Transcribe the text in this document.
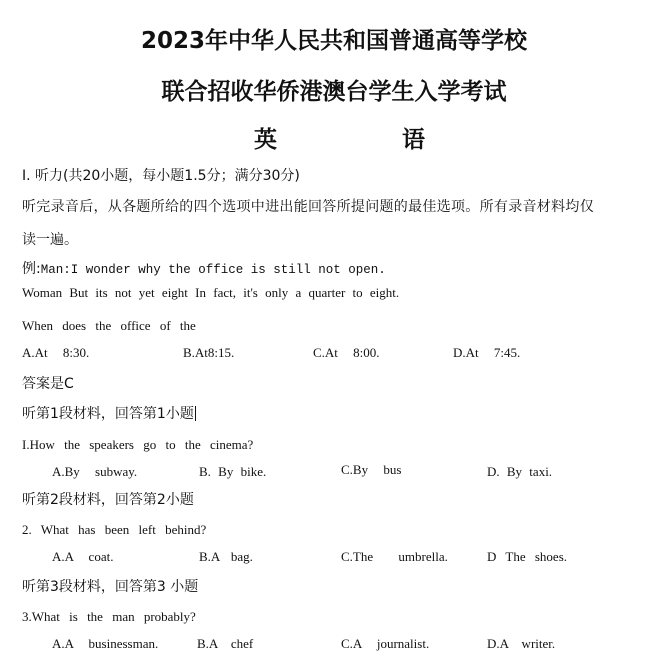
2023年中华人民共和国普通高等学校
联合招收华侨港澳台学生入学考试
英	语
I. 听力(共20小题，每小题1.5分；满分30分)
听完录音后，从各题所给的四个选项中进出能回答所提问题的最佳选项。所有录音材料均仅
读一遍。
例:Man:I wonder why the office is still not open.
Woman But its not yet eight In fact, it's only a quarter to eight.
When does the office of the
A.At 8:30.	B.At8:15.	C.At 8:00.	D.At 7:45.
答案是C
听第1段材料，回答第1小题
I.How the speakers go to the cinema?
A.By subway.	B. By bike.	C.By bus	D. By taxi.
听第2段材料，回答第2小题
2. What has been left behind?
A.A coat.	B.A bag.	C.The umbrella.	D The shoes.
听第3段材料，回答第3 小题
3.What is the man probably?
A.A businessman.	B.A chef	C.A journalist.	D.A writer.
